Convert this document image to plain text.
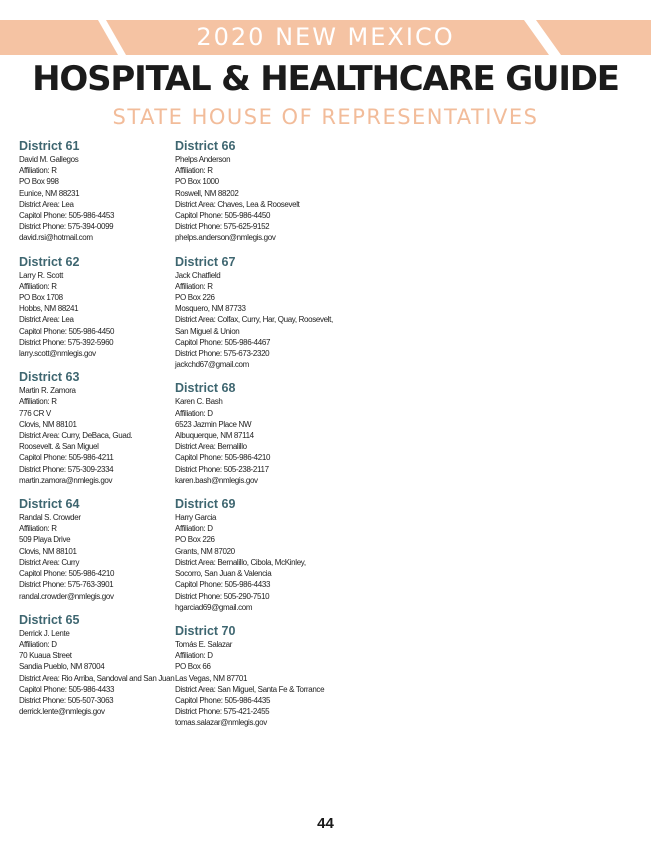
2020 NEW MEXICO
HOSPITAL & HEALTHCARE GUIDE
STATE HOUSE OF REPRESENTATIVES
District 61
David M. Gallegos
Affiliation: R
PO Box 998
Eunice, NM 88231
District Area: Lea
Capitol Phone: 505-986-4453
District Phone: 575-394-0099
david.rsi@hotmail.com
District 62
Larry R. Scott
Affiliation: R
PO Box 1708
Hobbs, NM 88241
District Area: Lea
Capitol Phone: 505-986-4450
District Phone: 575-392-5960
larry.scott@nmlegis.gov
District 63
Martin R. Zamora
Affiliation: R
776 CR V
Clovis, NM 88101
District Area: Curry, DeBaca, Guad.
Roosevelt. & San Miguel
Capitol Phone: 505-986-4211
District Phone: 575-309-2334
martin.zamora@nmlegis.gov
District 64
Randal S. Crowder
Affiliation: R
509 Playa Drive
Clovis, NM 88101
District Area: Curry
Capitol Phone: 505-986-4210
District Phone: 575-763-3901
randal.crowder@nmlegis.gov
District 65
Derrick J. Lente
Affiliation: D
70 Kuaua Street
Sandia Pueblo, NM 87004
District Area: Rio Arriba, Sandoval and San Juan
Capitol Phone: 505-986-4433
District Phone: 505-507-3063
derrick.lente@nmlegis.gov
District 66
Phelps Anderson
Affiliation: R
PO Box 1000
Roswell, NM 88202
District Area: Chaves, Lea & Roosevelt
Capitol Phone: 505-986-4450
District Phone: 575-625-9152
phelps.anderson@nmlegis.gov
District 67
Jack Chatfield
Affiliation: R
PO Box 226
Mosquero, NM 87733
District Area: Colfax, Curry, Har, Quay, Roosevelt,
San Miguel & Union
Capitol Phone: 505-986-4467
District Phone: 575-673-2320
jackchd67@gmail.com
District 68
Karen C. Bash
Affiliation: D
6523 Jazmin Place NW
Albuquerque, NM 87114
District Area: Bernalillo
Capitol Phone: 505-986-4210
District Phone: 505-238-2117
karen.bash@nmlegis.gov
District 69
Harry Garcia
Affiliation: D
PO Box 226
Grants, NM 87020
District Area: Bernalillo, Cibola, McKinley,
Socorro, San Juan & Valencia
Capitol Phone: 505-986-4433
District Phone: 505-290-7510
hgarciad69@gmail.com
District 70
Tomás E. Salazar
Affiliation: D
PO Box 66
Las Vegas, NM 87701
District Area: San Miguel, Santa Fe & Torrance
Capitol Phone: 505-986-4435
District Phone: 575-421-2455
tomas.salazar@nmlegis.gov
44
